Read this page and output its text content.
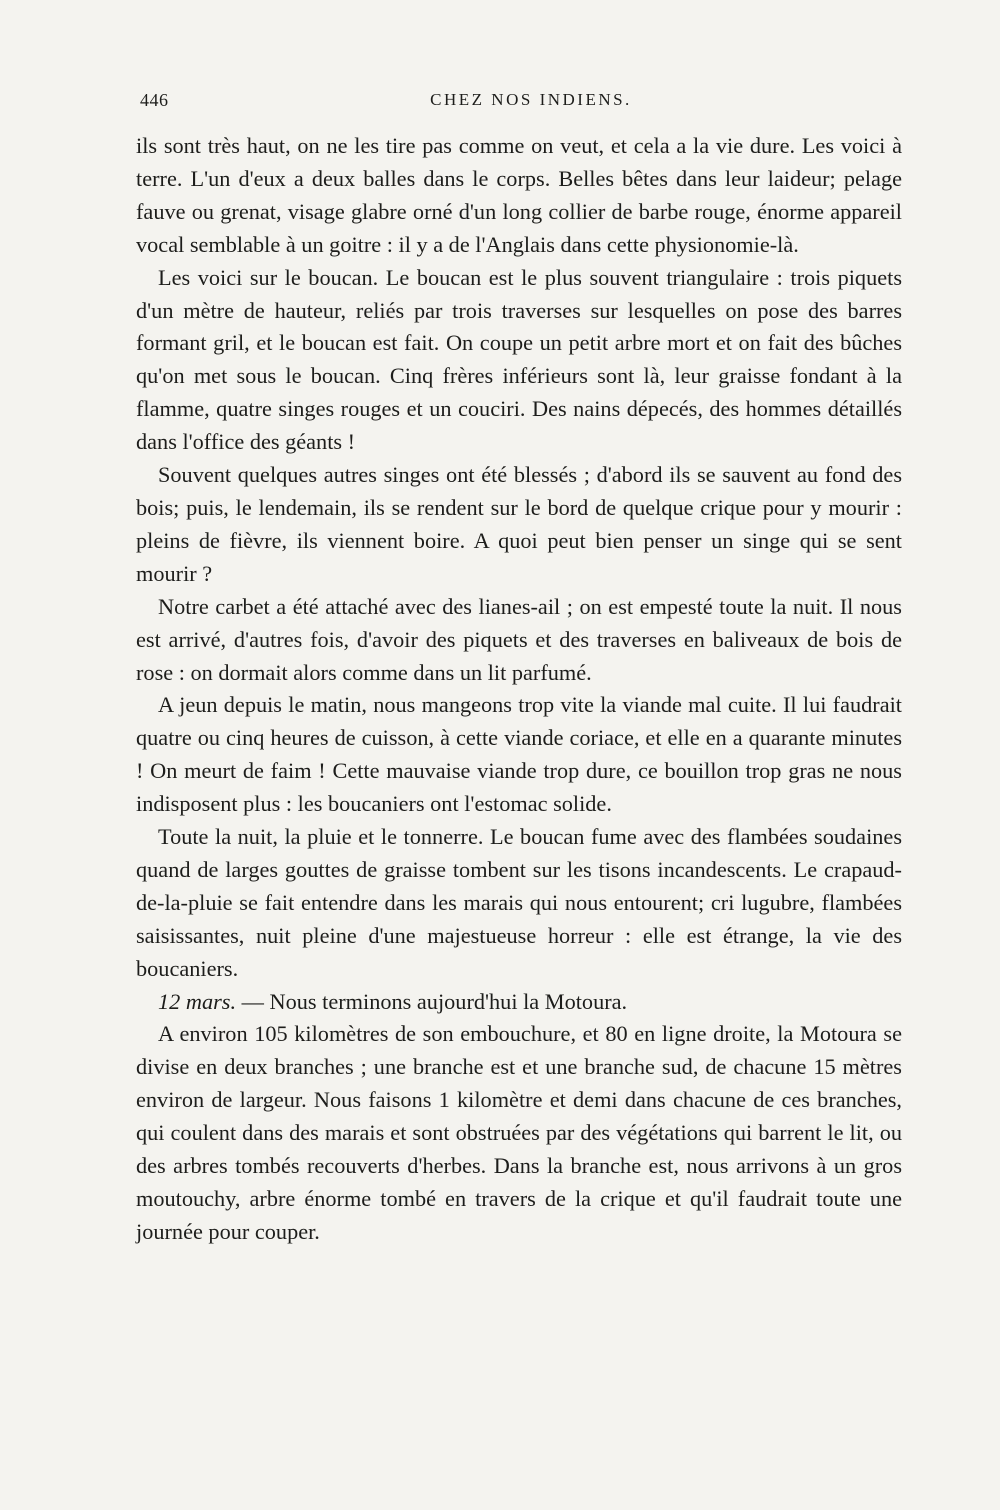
446	CHEZ NOS INDIENS.

ils sont très haut, on ne les tire pas comme on veut, et cela a la vie dure. Les voici à terre. L'un d'eux a deux balles dans le corps. Belles bêtes dans leur laideur; pelage fauve ou grenat, visage glabre orné d'un long collier de barbe rouge, énorme appareil vocal semblable à un goitre : il y a de l'Anglais dans cette physionomie-là.

Les voici sur le boucan. Le boucan est le plus souvent triangulaire : trois piquets d'un mètre de hauteur, reliés par trois traverses sur lesquelles on pose des barres formant gril, et le boucan est fait. On coupe un petit arbre mort et on fait des bûches qu'on met sous le boucan. Cinq frères inférieurs sont là, leur graisse fondant à la flamme, quatre singes rouges et un couciri. Des nains dépecés, des hommes détaillés dans l'office des géants !

Souvent quelques autres singes ont été blessés ; d'abord ils se sauvent au fond des bois; puis, le lendemain, ils se rendent sur le bord de quelque crique pour y mourir : pleins de fièvre, ils viennent boire. A quoi peut bien penser un singe qui se sent mourir ?

Notre carbet a été attaché avec des lianes-ail ; on est empesté toute la nuit. Il nous est arrivé, d'autres fois, d'avoir des piquets et des traverses en baliveaux de bois de rose : on dormait alors comme dans un lit parfumé.

A jeun depuis le matin, nous mangeons trop vite la viande mal cuite. Il lui faudrait quatre ou cinq heures de cuisson, à cette viande coriace, et elle en a quarante minutes ! On meurt de faim ! Cette mauvaise viande trop dure, ce bouillon trop gras ne nous indisposent plus : les boucaniers ont l'estomac solide.

Toute la nuit, la pluie et le tonnerre. Le boucan fume avec des flambées soudaines quand de larges gouttes de graisse tombent sur les tisons incandescents. Le crapaud-de-la-pluie se fait entendre dans les marais qui nous entourent; cri lugubre, flambées saisissantes, nuit pleine d'une majestueuse horreur : elle est étrange, la vie des boucaniers.

12 mars. — Nous terminons aujourd'hui la Motoura.

A environ 105 kilomètres de son embouchure, et 80 en ligne droite, la Motoura se divise en deux branches ; une branche est et une branche sud, de chacune 15 mètres environ de largeur. Nous faisons 1 kilomètre et demi dans chacune de ces branches, qui coulent dans des marais et sont obstruées par des végétations qui barrent le lit, ou des arbres tombés recouverts d'herbes. Dans la branche est, nous arrivons à un gros moutouchy, arbre énorme tombé en travers de la crique et qu'il faudrait toute une journée pour couper.
